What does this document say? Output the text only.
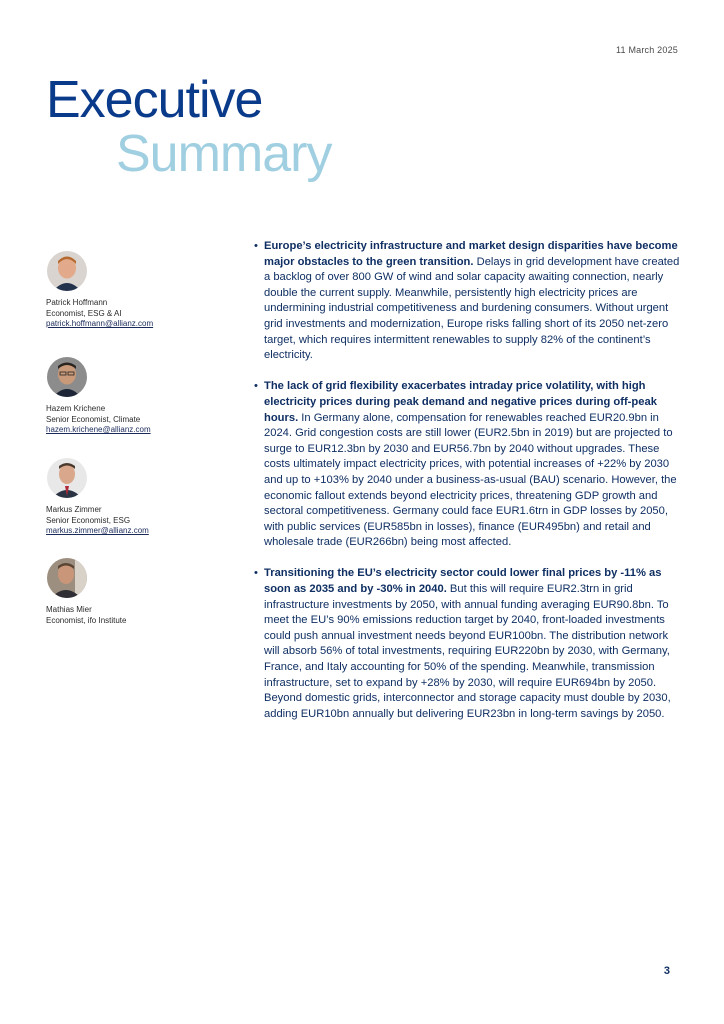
11 March 2025
Executive
Summary
Patrick Hoffmann
Economist, ESG & AI
patrick.hoffmann@allianz.com
Hazem Krichene
Senior Economist, Climate
hazem.krichene@allianz.com
Markus Zimmer
Senior Economist, ESG
markus.zimmer@allianz.com
Mathias Mier
Economist, ifo Institute
• Europe’s electricity infrastructure and market design disparities have become major obstacles to the green transition. Delays in grid development have created a backlog of over 800 GW of wind and solar capacity awaiting connection, nearly double the current supply. Meanwhile, persistently high electricity prices are undermining industrial competitiveness and burdening consumers. Without urgent grid investments and modernization, Europe risks falling short of its 2050 net-zero target, which requires intermittent renewables to supply 82% of the continent’s electricity.
• The lack of grid flexibility exacerbates intraday price volatility, with high electricity prices during peak demand and negative prices during off-peak hours. In Germany alone, compensation for renewables reached EUR20.9bn in 2024. Grid congestion costs are still lower (EUR2.5bn in 2019) but are projected to surge to EUR12.3bn by 2030 and EUR56.7bn by 2040 without upgrades. These costs ultimately impact electricity prices, with potential increases of +22% by 2030 and up to +103% by 2040 under a business-as-usual (BAU) scenario. However, the economic fallout extends beyond electricity prices, threatening GDP growth and sectoral competitiveness. Germany could face EUR1.6trn in GDP losses by 2050, with public services (EUR585bn in losses), finance (EUR495bn) and retail and wholesale trade (EUR266bn) being most affected.
• Transitioning the EU’s electricity sector could lower final prices by -11% as soon as 2035 and by -30% in 2040. But this will require EUR2.3trn in grid infrastructure investments by 2050, with annual funding averaging EUR90.8bn. To meet the EU’s 90% emissions reduction target by 2040, front-loaded investments could push annual investment needs beyond EUR100bn. The distribution network will absorb 56% of total investments, requiring EUR220bn by 2030, with Germany, France, and Italy accounting for 50% of the spending. Meanwhile, transmission infrastructure, set to expand by +28% by 2030, will require EUR694bn by 2050. Beyond domestic grids, interconnector and storage capacity must double by 2030, adding EUR10bn annually but delivering EUR23bn in long-term savings by 2050.
3
